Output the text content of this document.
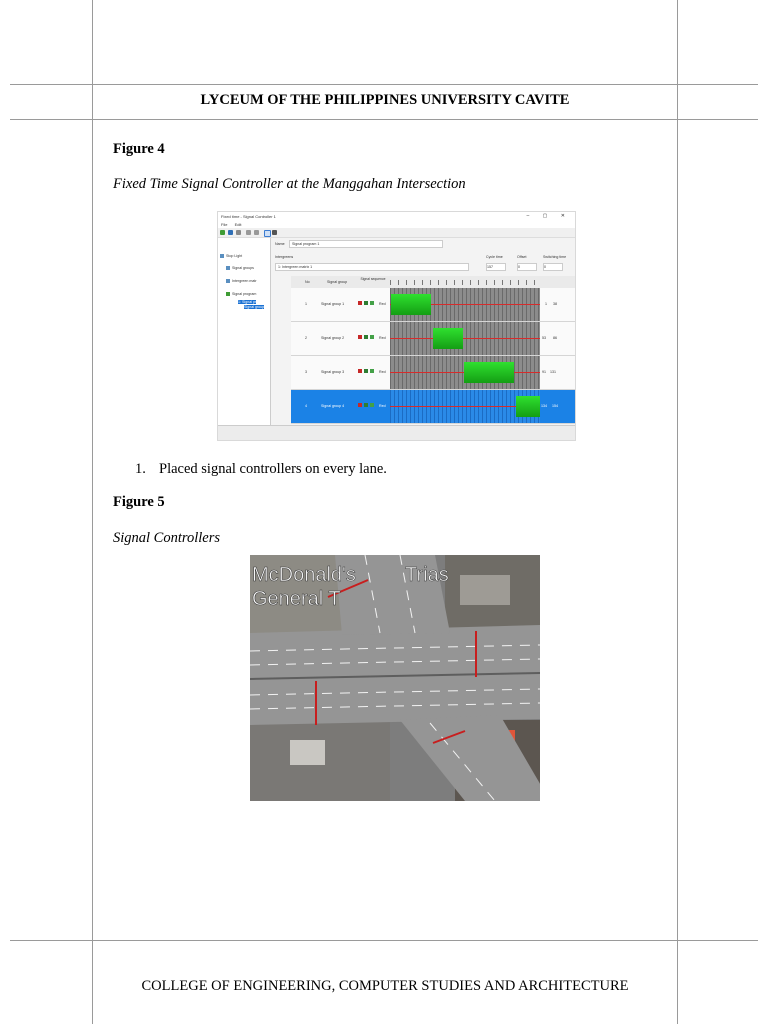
LYCEUM OF THE PHILIPPINES UNIVERSITY CAVITE
Figure 4
Fixed Time Signal Controller at the Manggahan Intersection
Fixed time - Signal Controller 1	– ▢ ✕
File Edit
Stop Light
Signal groups
Intergreen matr
Signal program
1: Signal pr
Signal group
Name	Signal program 1
Intergreens
1: Intergreen matrix 1
Cycle time
157
Offset
0
Switching time
0
No	Signal group
Signal sequence
1	Signal group 1	Red	1 38
2	Signal group 2	Red	53 86
3	Signal group 3	Red	91 131
4	Signal group 4	Red	134 154
1. Placed signal controllers on every lane.
Figure 5
Signal Controllers
McDonald's
General T
Trias
COLLEGE OF ENGINEERING, COMPUTER STUDIES AND ARCHITECTURE
